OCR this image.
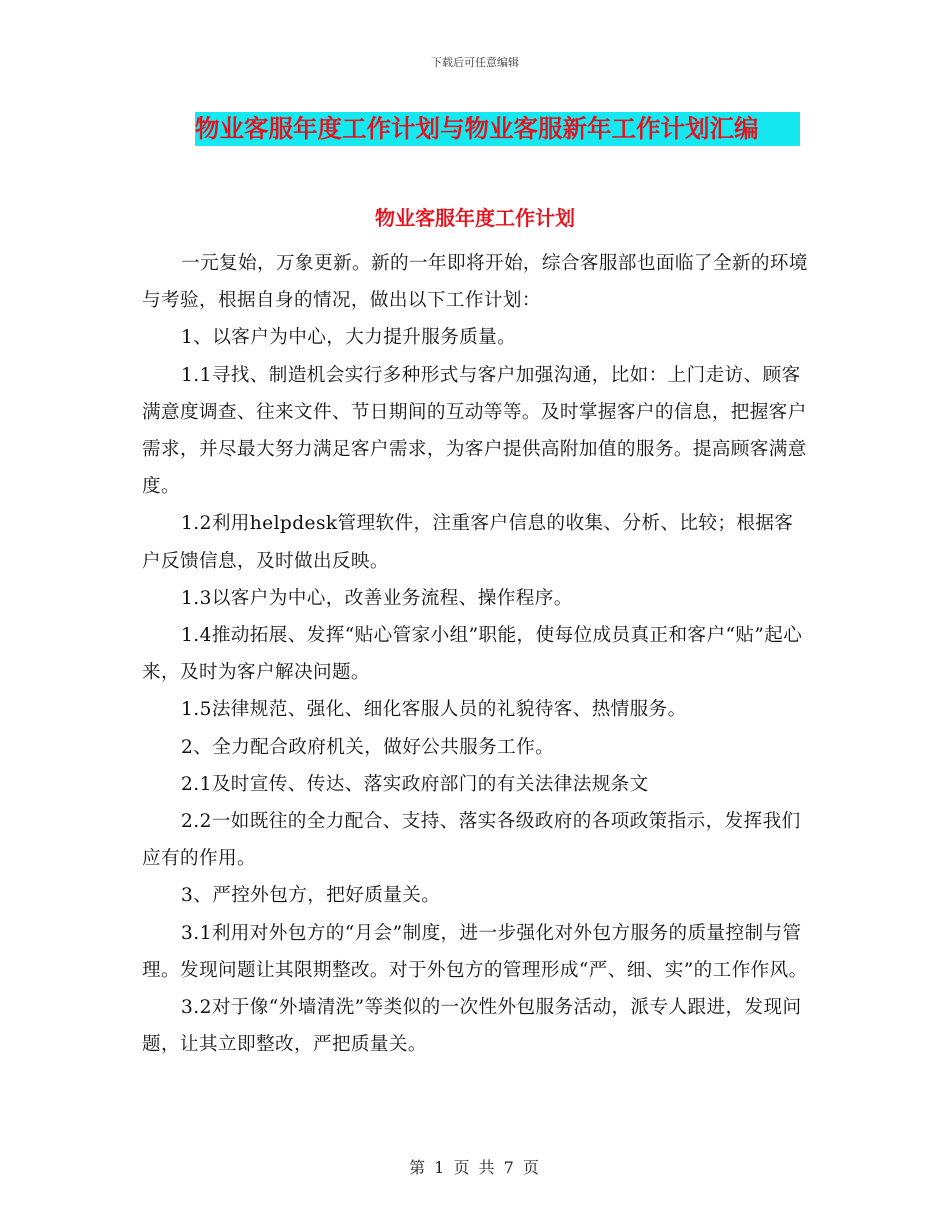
下载后可任意编辑
物业客服年度工作计划与物业客服新年工作计划汇编
物业客服年度工作计划

一元复始，万象更新。新的一年即将开始，综合客服部也面临了全新的环境与考验，根据自身的情况，做出以下工作计划：

1、以客户为中心，大力提升服务质量。

1.1寻找、制造机会实行多种形式与客户加强沟通，比如：上门走访、顾客满意度调查、往来文件、节日期间的互动等等。及时掌握客户的信息，把握客户需求，并尽最大努力满足客户需求，为客户提供高附加值的服务。提高顾客满意度。

1.2利用helpdesk管理软件，注重客户信息的收集、分析、比较；根据客户反馈信息，及时做出反映。

1.3以客户为中心，改善业务流程、操作程序。

1.4推动拓展、发挥“贴心管家小组”职能，使每位成员真正和客户“贴”起心来，及时为客户解决问题。

1.5法律规范、强化、细化客服人员的礼貌待客、热情服务。

2、全力配合政府机关，做好公共服务工作。

2.1及时宣传、传达、落实政府部门的有关法律法规条文

2.2一如既往的全力配合、支持、落实各级政府的各项政策指示，发挥我们应有的作用。

3、严控外包方，把好质量关。

3.1利用对外包方的“月会”制度，进一步强化对外包方服务的质量控制与管理。发现问题让其限期整改。对于外包方的管理形成“严、细、实”的工作作风。

3.2对于像“外墙清洗”等类似的一次性外包服务活动，派专人跟进，发现问题，让其立即整改，严把质量关。

第 1 页 共 7 页
